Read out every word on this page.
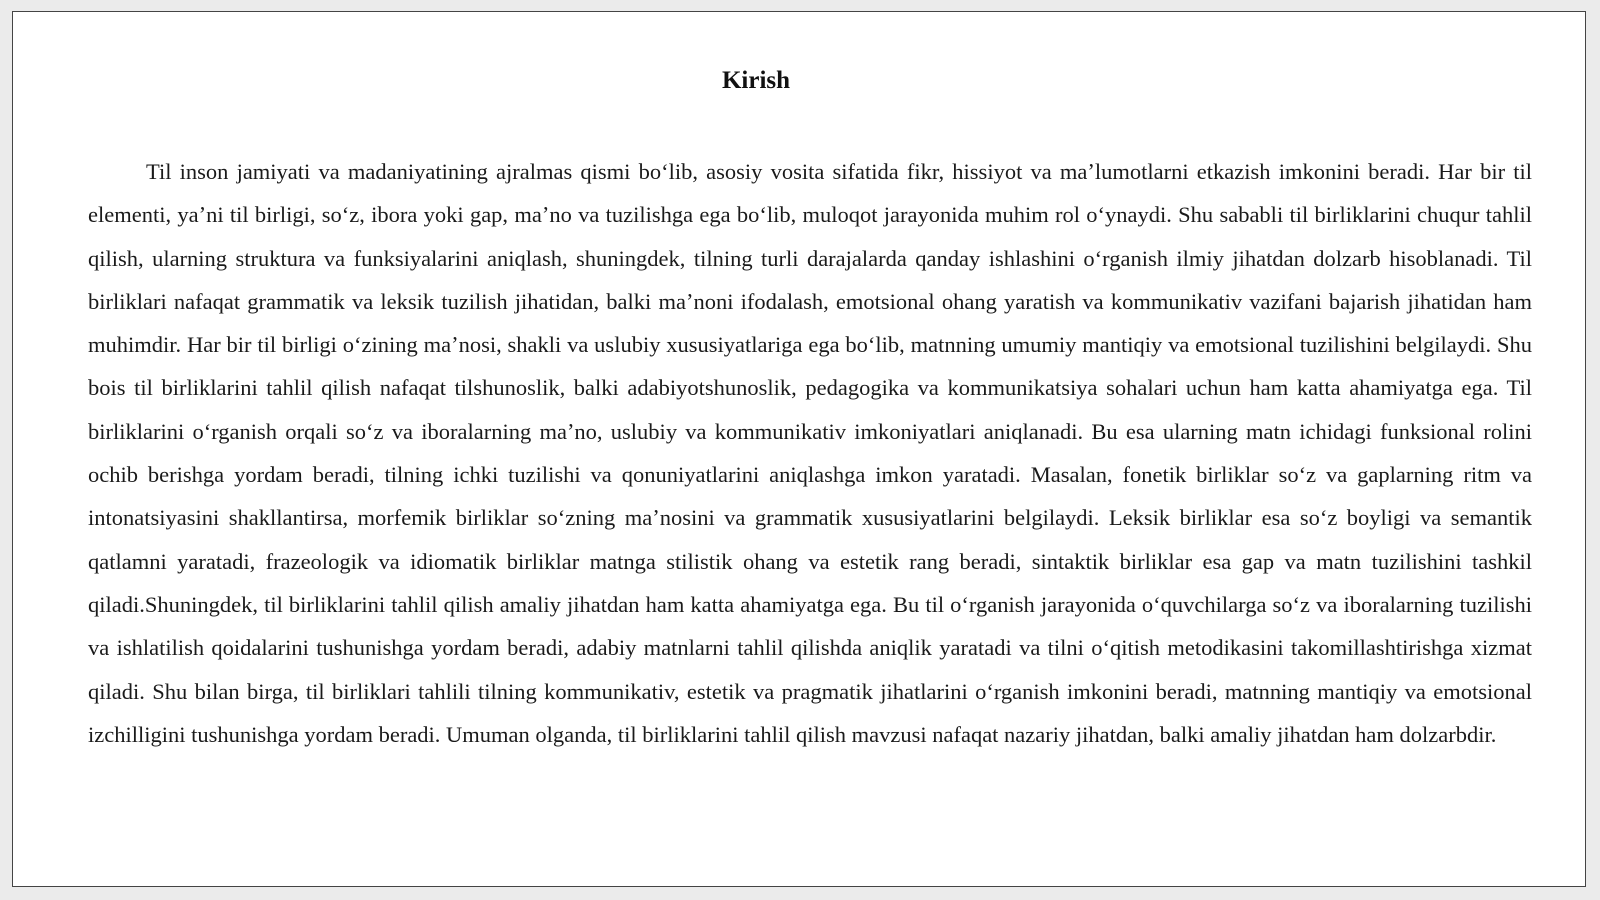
Kirish

Til inson jamiyati va madaniyatining ajralmas qismi boʻlib, asosiy vosita sifatida fikr, hissiyot va maʼlumotlarni etkazish imkonini beradi. Har bir til elementi, yaʼni til birligi, soʻz, ibora yoki gap, maʼno va tuzilishga ega boʻlib, muloqot jarayonida muhim rol oʻynaydi. Shu sababli til birliklarini chuqur tahlil qilish, ularning struktura va funksiyalarini aniqlash, shuningdek, tilning turli darajalarda qanday ishlashini oʻrganish ilmiy jihatdan dolzarb hisoblanadi. Til birliklari nafaqat grammatik va leksik tuzilish jihatidan, balki maʼnoni ifodalash, emotsional ohang yaratish va kommunikativ vazifani bajarish jihatidan ham muhimdir. Har bir til birligi oʻzining maʼnosi, shakli va uslubiy xususiyatlariga ega boʻlib, matnning umumiy mantiqiy va emotsional tuzilishini belgilaydi. Shu bois til birliklarini tahlil qilish nafaqat tilshunoslik, balki adabiyotshunoslik, pedagogika va kommunikatsiya sohalari uchun ham katta ahamiyatga ega. Til birliklarini oʻrganish orqali soʻz va iboralarning maʼno, uslubiy va kommunikativ imkoniyatlari aniqlanadi. Bu esa ularning matn ichidagi funksional rolini ochib berishga yordam beradi, tilning ichki tuzilishi va qonuniyatlarini aniqlashga imkon yaratadi. Masalan, fonetik birliklar soʻz va gaplarning ritm va intonatsiyasini shakllantirsa, morfemik birliklar soʻzning maʼnosini va grammatik xususiyatlarini belgilaydi. Leksik birliklar esa soʻz boyligi va semantik qatlamni yaratadi, frazeologik va idiomatik birliklar matnga stilistik ohang va estetik rang beradi, sintaktik birliklar esa gap va matn tuzilishini tashkil qiladi.Shuningdek, til birliklarini tahlil qilish amaliy jihatdan ham katta ahamiyatga ega. Bu til oʻrganish jarayonida oʻquvchilarga soʻz va iboralarning tuzilishi va ishlatilish qoidalarini tushunishga yordam beradi, adabiy matnlarni tahlil qilishda aniqlik yaratadi va tilni oʻqitish metodikasini takomillashtirishga xizmat qiladi. Shu bilan birga, til birliklari tahlili tilning kommunikativ, estetik va pragmatik jihatlarini oʻrganish imkonini beradi, matnning mantiqiy va emotsional izchilligini tushunishga yordam beradi. Umuman olganda, til birliklarini tahlil qilish mavzusi nafaqat nazariy jihatdan, balki amaliy jihatdan ham dolzarbdir.
